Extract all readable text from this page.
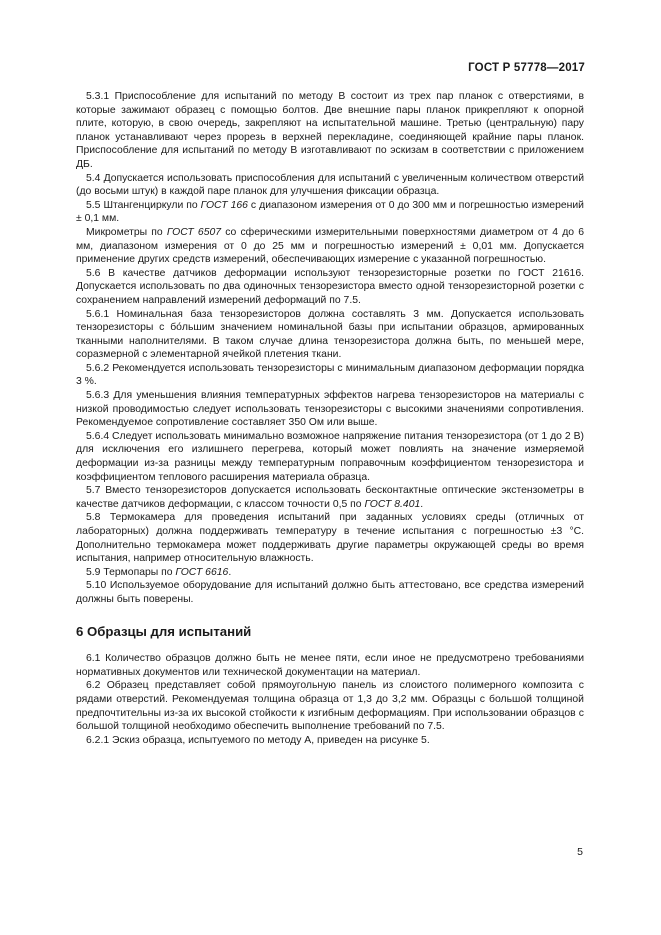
ГОСТ Р 57778—2017

5.3.1 Приспособление для испытаний по методу В состоит из трех пар планок с отверстиями, в которые зажимают образец с помощью болтов. Две внешние пары планок прикрепляют к опорной плите, которую, в свою очередь, закрепляют на испытательной машине. Третью (центральную) пару планок устанавливают через прорезь в верхней перекладине, соединяющей крайние пары планок. Приспособление для испытаний по методу В изготавливают по эскизам в соответствии с приложением ДБ.

5.4 Допускается использовать приспособления для испытаний с увеличенным количеством отверстий (до восьми штук) в каждой паре планок для улучшения фиксации образца.

5.5 Штангенциркули по ГОСТ 166 с диапазоном измерения от 0 до 300 мм и погрешностью измерений ± 0,1 мм.

Микрометры по ГОСТ 6507 со сферическими измерительными поверхностями диаметром от 4 до 6 мм, диапазоном измерения от 0 до 25 мм и погрешностью измерений ± 0,01 мм. Допускается применение других средств измерений, обеспечивающих измерение с указанной погрешностью.

5.6 В качестве датчиков деформации используют тензорезисторные розетки по ГОСТ 21616. Допускается использовать по два одиночных тензорезистора вместо одной тензорезисторной розетки с сохранением направлений измерений деформаций по 7.5.

5.6.1 Номинальная база тензорезисторов должна составлять 3 мм. Допускается использовать тензорезисторы с бо́льшим значением номинальной базы при испытании образцов, армированных тканными наполнителями. В таком случае длина тензорезистора должна быть, по меньшей мере, соразмерной с элементарной ячейкой плетения ткани.

5.6.2 Рекомендуется использовать тензорезисторы с минимальным диапазоном деформации порядка 3 %.

5.6.3 Для уменьшения влияния температурных эффектов нагрева тензорезисторов на материалы с низкой проводимостью следует использовать тензорезисторы с высокими значениями сопротивления. Рекомендуемое сопротивление составляет 350 Ом или выше.

5.6.4 Следует использовать минимально возможное напряжение питания тензорезистора (от 1 до 2 В) для исключения его излишнего перегрева, который может повлиять на значение измеряемой деформации из-за разницы между температурным поправочным коэффициентом тензорезистора и коэффициентом теплового расширения материала образца.

5.7 Вместо тензорезисторов допускается использовать бесконтактные оптические экстензометры в качестве датчиков деформации, с классом точности 0,5 по ГОСТ 8.401.

5.8 Термокамера для проведения испытаний при заданных условиях среды (отличных от лабораторных) должна поддерживать температуру в течение испытания с погрешностью ±3 °C. Дополнительно термокамера может поддерживать другие параметры окружающей среды во время испытания, например относительную влажность.

5.9 Термопары по ГОСТ 6616.

5.10 Используемое оборудование для испытаний должно быть аттестовано, все средства измерений должны быть поверены.

6 Образцы для испытаний

6.1 Количество образцов должно быть не менее пяти, если иное не предусмотрено требованиями нормативных документов или технической документации на материал.

6.2 Образец представляет собой прямоугольную панель из слоистого полимерного композита с рядами отверстий. Рекомендуемая толщина образца от 1,3 до 3,2 мм. Образцы с большой толщиной предпочтительны из-за их высокой стойкости к изгибным деформациям. При использовании образцов с большой толщиной необходимо обеспечить выполнение требований по 7.5.

6.2.1 Эскиз образца, испытуемого по методу А, приведен на рисунке 5.

5
